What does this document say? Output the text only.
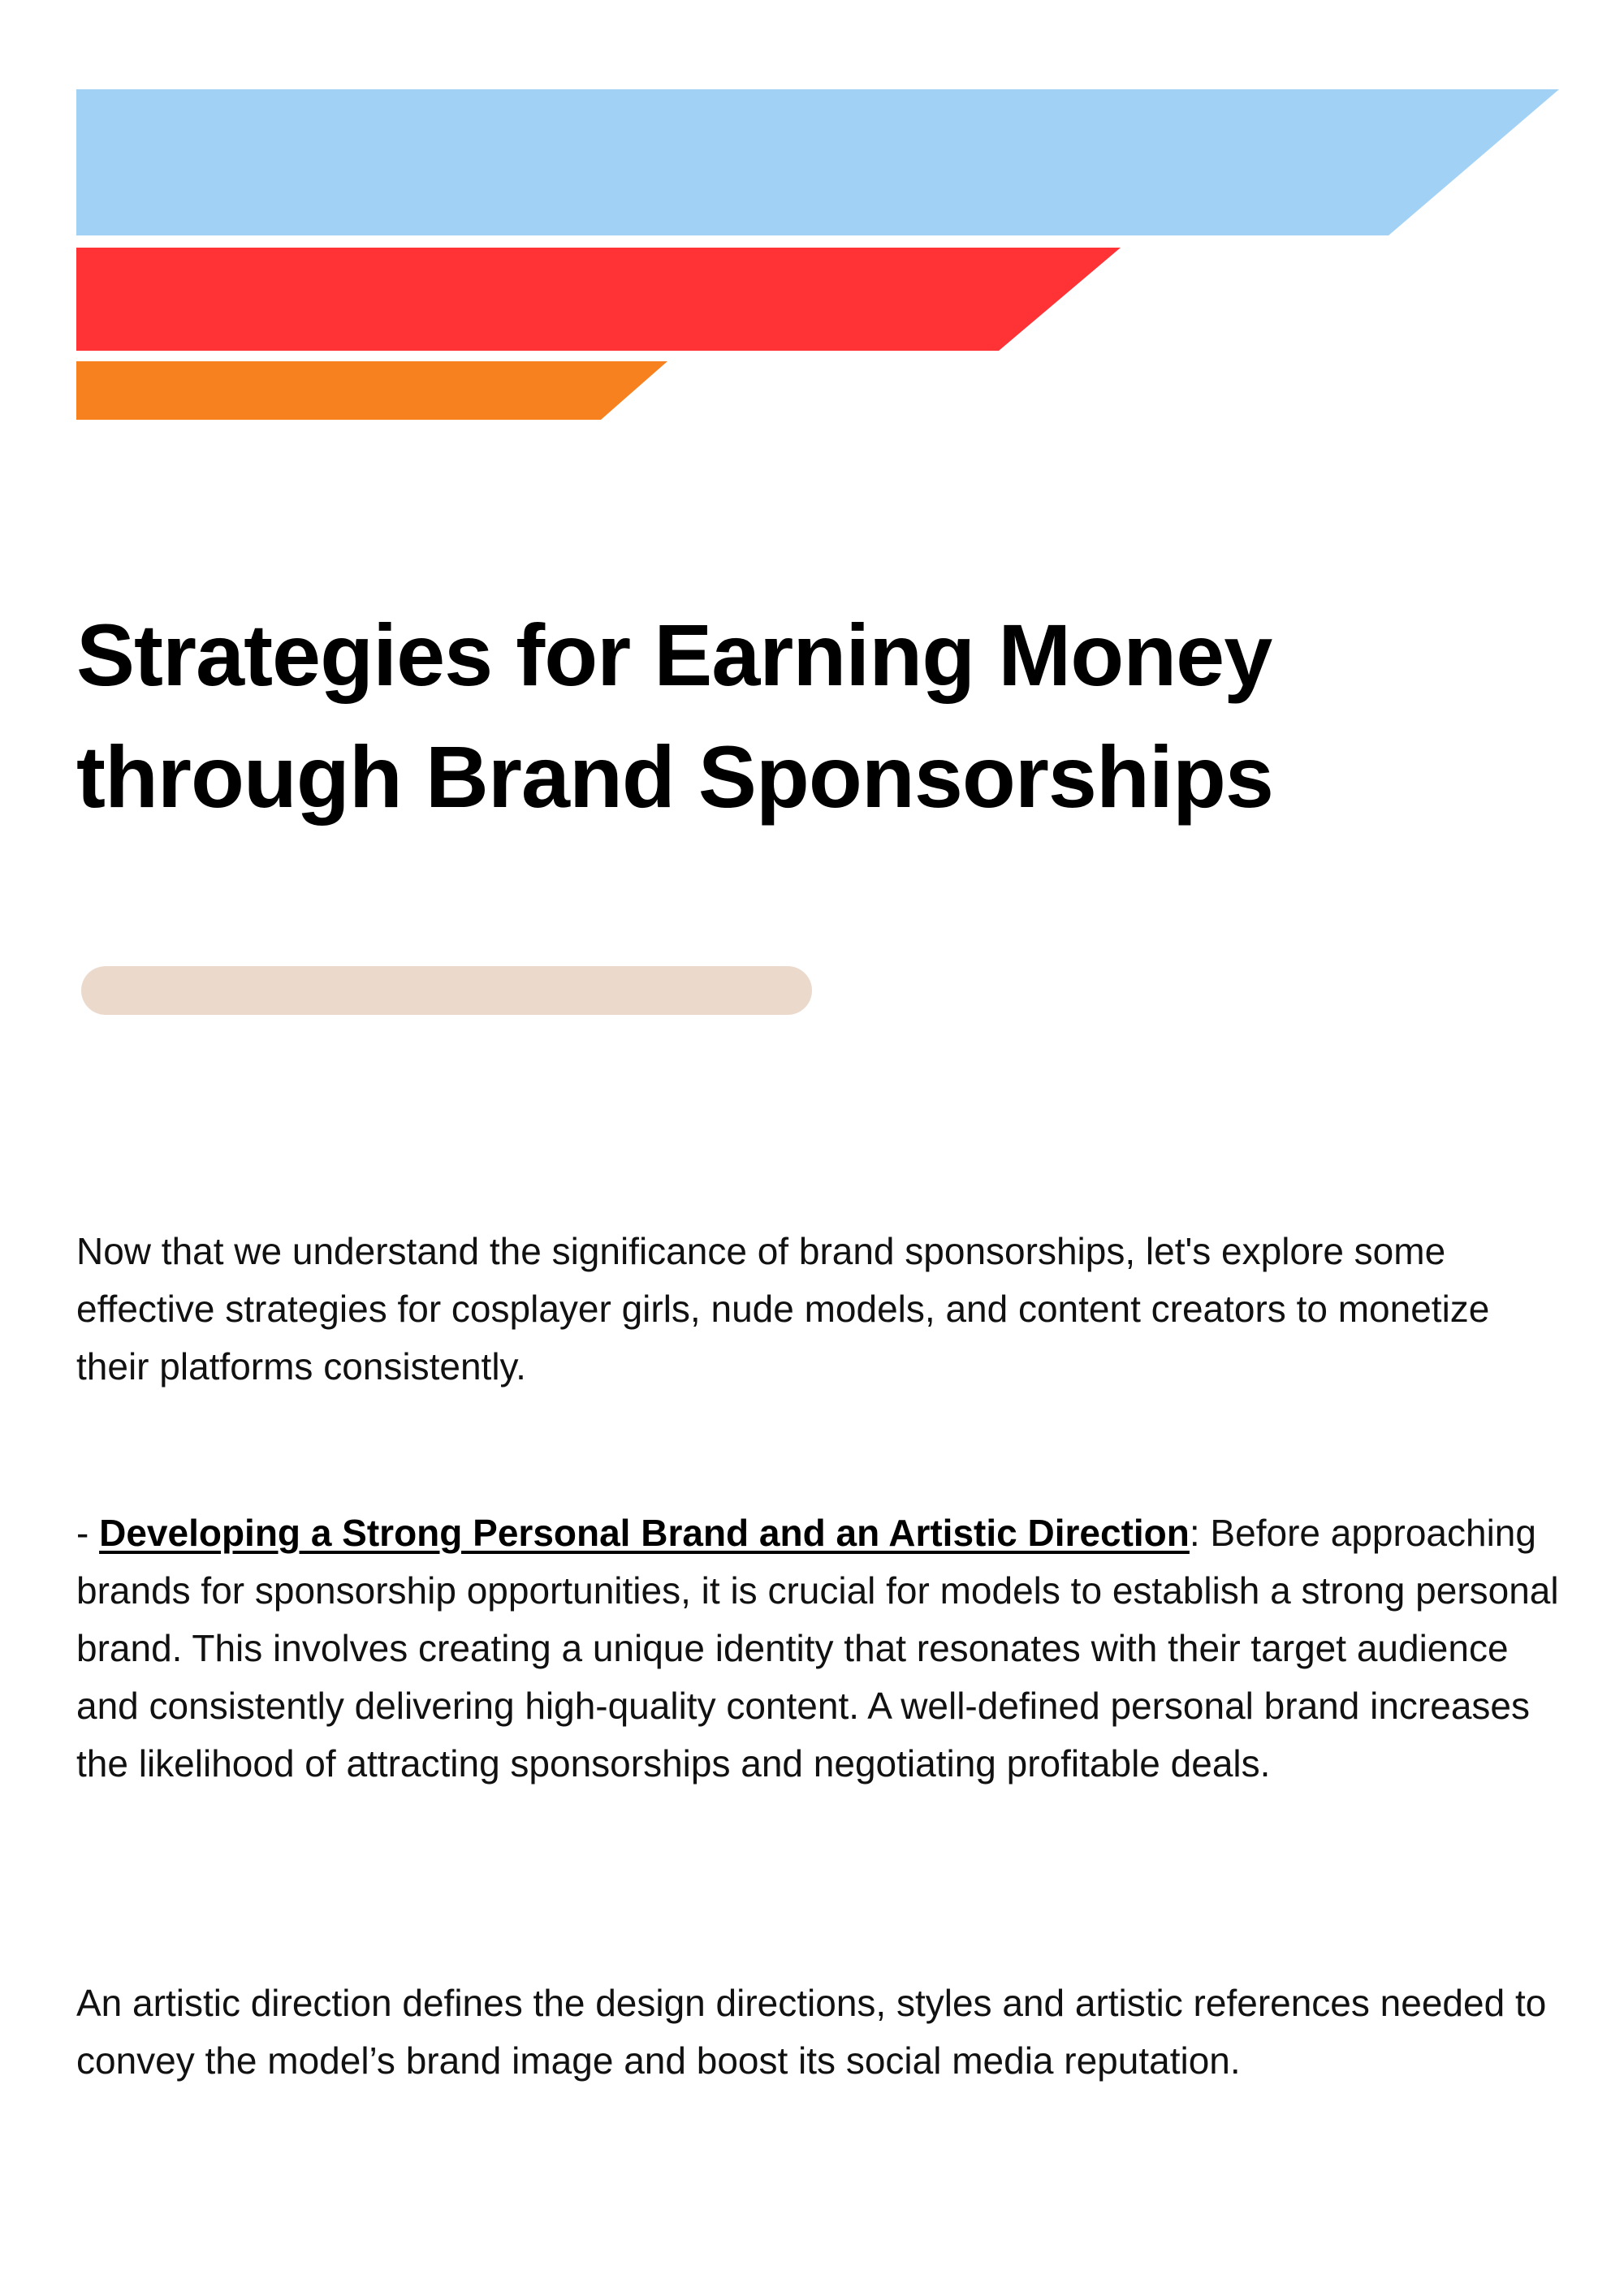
Strategies for Earning Money
through Brand Sponsorships

Now that we understand the significance of brand sponsorships, let's explore some effective strategies for cosplayer girls, nude models, and content creators to monetize their platforms consistently.

- Developing a Strong Personal Brand and an Artistic Direction: Before approaching brands for sponsorship opportunities, it is crucial for models to establish a strong personal brand. This involves creating a unique identity that resonates with their target audience and consistently delivering high-quality content. A well-defined personal brand increases the likelihood of attracting sponsorships and negotiating profitable deals.

An artistic direction defines the design directions, styles and artistic references needed to convey the model’s brand image and boost its social media reputation.
